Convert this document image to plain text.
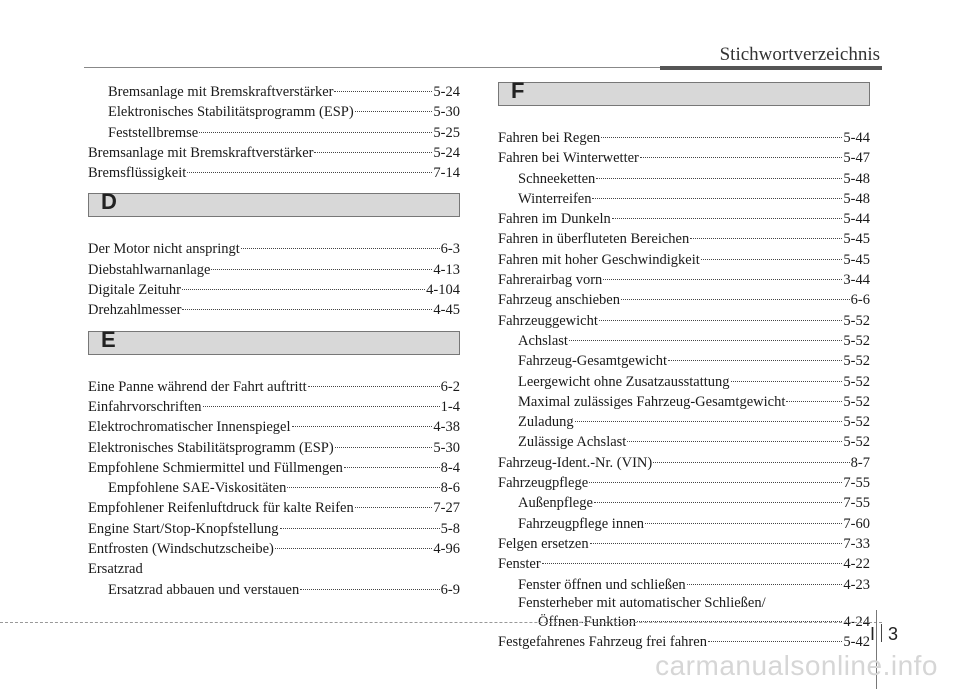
Stichwortverzeichnis
Bremsanlage mit Bremskraftverstärker	5-24
Elektronisches Stabilitätsprogramm (ESP)	5-30
Feststellbremse	5-25
Bremsanlage mit Bremskraftverstärker	5-24
Bremsflüssigkeit	7-14
D
Der Motor nicht anspringt	6-3
Diebstahlwarnanlage	4-13
Digitale Zeituhr	4-104
Drehzahlmesser	4-45
E
Eine Panne während der Fahrt auftritt	6-2
Einfahrvorschriften	1-4
Elektrochromatischer Innenspiegel	4-38
Elektronisches Stabilitätsprogramm (ESP)	5-30
Empfohlene Schmiermittel und Füllmengen	8-4
Empfohlene SAE-Viskositäten	8-6
Empfohlener Reifenluftdruck für kalte Reifen	7-27
Engine Start/Stop-Knopfstellung	5-8
Entfrosten (Windschutzscheibe)	4-96
Ersatzrad
Ersatzrad abbauen und verstauen	6-9
F
Fahren bei Regen	5-44
Fahren bei Winterwetter	5-47
Schneeketten	5-48
Winterreifen	5-48
Fahren im Dunkeln	5-44
Fahren in überfluteten Bereichen	5-45
Fahren mit hoher Geschwindigkeit	5-45
Fahrerairbag vorn	3-44
Fahrzeug anschieben	6-6
Fahrzeuggewicht	5-52
Achslast	5-52
Fahrzeug-Gesamtgewicht	5-52
Leergewicht ohne Zusatzausstattung	5-52
Maximal zulässiges Fahrzeug-Gesamtgewicht	5-52
Zuladung	5-52
Zulässige Achslast	5-52
Fahrzeug-Ident.-Nr. (VIN)	8-7
Fahrzeugpflege	7-55
Außenpflege	7-55
Fahrzeugpflege innen	7-60
Felgen ersetzen	7-33
Fenster	4-22
Fenster öffnen und schließen	4-23
Fensterheber mit automatischer Schließen/
Öffnen-Funktion	4-24
Festgefahrenes Fahrzeug frei fahren	5-42 I 3
carmanualsonline.info
